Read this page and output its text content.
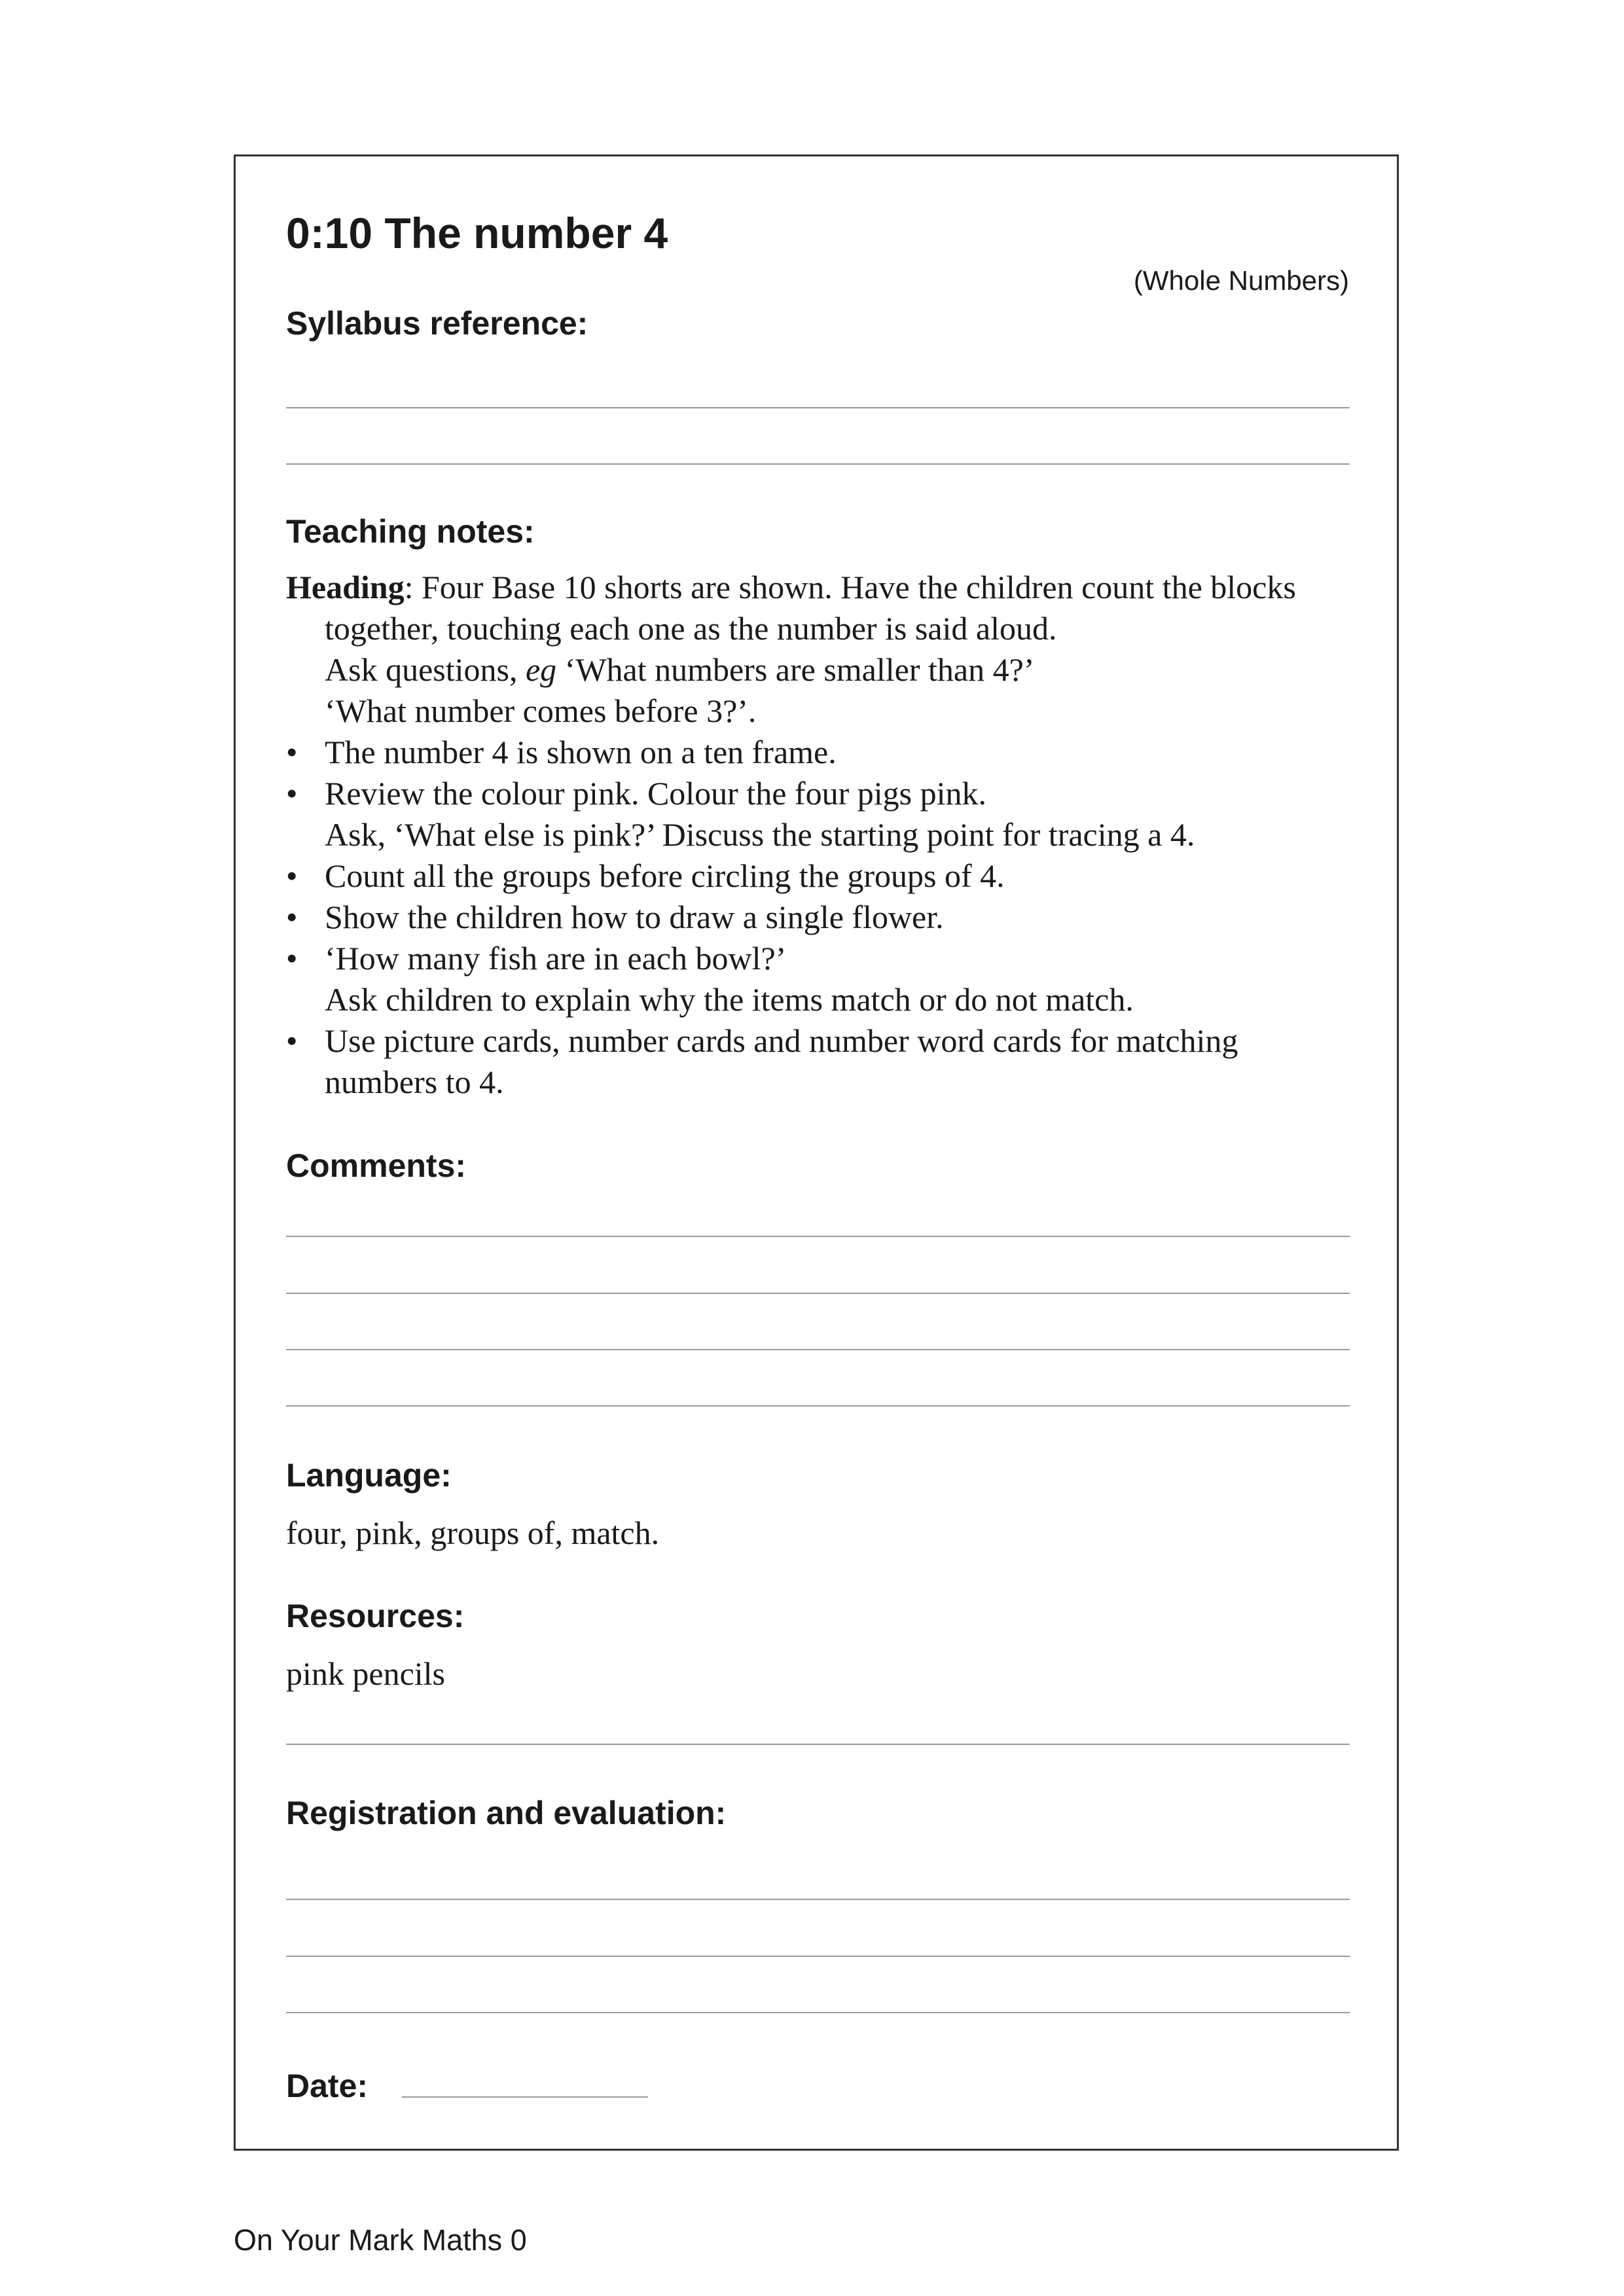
0:10 The number 4
(Whole Numbers)
Syllabus reference:
Teaching notes:
Heading: Four Base 10 shorts are shown. Have the children count the blocks
together, touching each one as the number is said aloud.
Ask questions, eg ‘What numbers are smaller than 4?’
‘What number comes before 3?’.
• The number 4 is shown on a ten frame.
• Review the colour pink. Colour the four pigs pink.
Ask, ‘What else is pink?’ Discuss the starting point for tracing a 4.
• Count all the groups before circling the groups of 4.
• Show the children how to draw a single flower.
• ‘How many fish are in each bowl?’
Ask children to explain why the items match or do not match.
• Use picture cards, number cards and number word cards for matching
numbers to 4.
Comments:
Language:
four, pink, groups of, match.
Resources:
pink pencils
Registration and evaluation:
Date:
On Your Mark Maths 0
